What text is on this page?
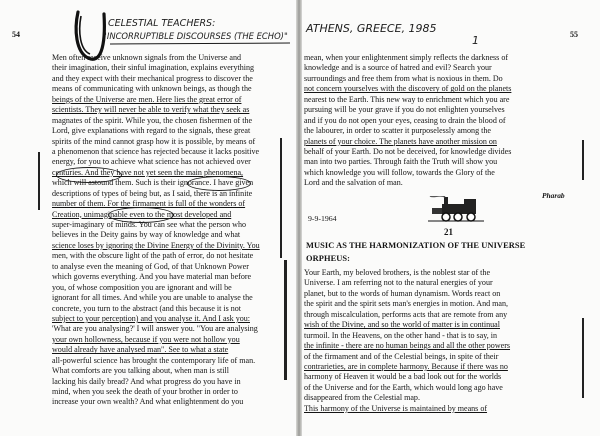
54
CELESTIAL TEACHERS:
"INCORRUPTIBLE DISCOURSES (THE ECHO)"
Men often receive unknown signals from the Universe and
their imagination, their sinful imagination, explains everything
and they expect with their mechanical progress to discover the
means of communicating with unknown beings, as though the
beings of the Universe are men. Here lies the great error of
scientists. They will never be able to verify what they seek as
magnates of the spirit. While you, the chosen fishermen of the
Lord, give explanations with regard to the signals, these great
spirits of the mind cannot grasp how it is possible, by means of
a phenomenon that science has rejected because it lacks positive
energy, for you to achieve what science has not achieved over
centuries. And they have not yet seen the main phenomena,
which will astound them. Such is their ignorance. I have given
descriptions of types of being but, as I said, there is an infinite
number of them. For the firmament is full of the wonders of
Creation, unimaginable even to the most developed and
super-imaginary of minds. You can see what the person who
believes in the Deity gains by way of knowledge and what
science loses by ignoring the Divine Energy of the Divinity. You
men, with the obscure light of the path of error, do not hesitate
to analyse even the meaning of God, of that Unknown Power
which governs everything. And you have material man before
you, of whose composition you are ignorant and will be
ignorant for all times. And while you are unable to analyse the
concrete, you turn to the abstract (and this because it is not
subject to your perception) and you analyse it. And I ask you:
'What are you analysing?' I will answer you. "You are analysing
your own hollowness, because if you were not hollow you
would already have analysed man". See to what a state
all-powerful science has brought the contemporary life of man.
What comforts are you talking about, when man is still
lacking his daily bread? And what progress do you have in
mind, when you seek the death of your brother in order to
increase your own wealth? And what enlightenment do you
ATHENS, GREECE, 1985
1	55
mean, when your enlightenment simply reflects the darkness of
knowledge and is a source of hatred and evil? Search your
surroundings and free them from what is noxious in them. Do
not concern yourselves with the discovery of gold on the planets
nearest to the Earth. This new way to enrichment which you are
pursuing will be your grave if you do not enlighten yourselves
and if you do not open your eyes, ceasing to drain the blood of
the labourer, in order to scatter it purposelessly among the
planets of your choice. The planets have another mission on
behalf of your Earth. Do not be deceived, for knowledge divides
man into two parties. Through faith the Truth will show you
which knowledge you will follow, towards the Glory of the
Lord and the salvation of man.
Pharab
9-9-1964
21
MUSIC AS THE HARMONIZATION OF THE UNIVERSE
ORPHEUS:
Your Earth, my beloved brothers, is the noblest star of the
Universe. I am referring not to the natural energies of your
planet, but to the words of human dynamism. Words react on
the spirit and the spirit sets man's energies in motion. And man,
through miscalculation, performs acts that are remote from any
wish of the Divine, and so the world of matter is in continual
turmoil. In the Heavens, on the other hand - that is to say, in
the infinite - there are no human beings and all the other powers
of the firmament and of the Celestial beings, in spite of their
contrarieties, are in complete harmony. Because if there was no
harmony of Heaven it would be a bad look out for the worlds
of the Universe and for the Earth, which would long ago have
disappeared from the Celestial map.
This harmony of the Universe is maintained by means of
